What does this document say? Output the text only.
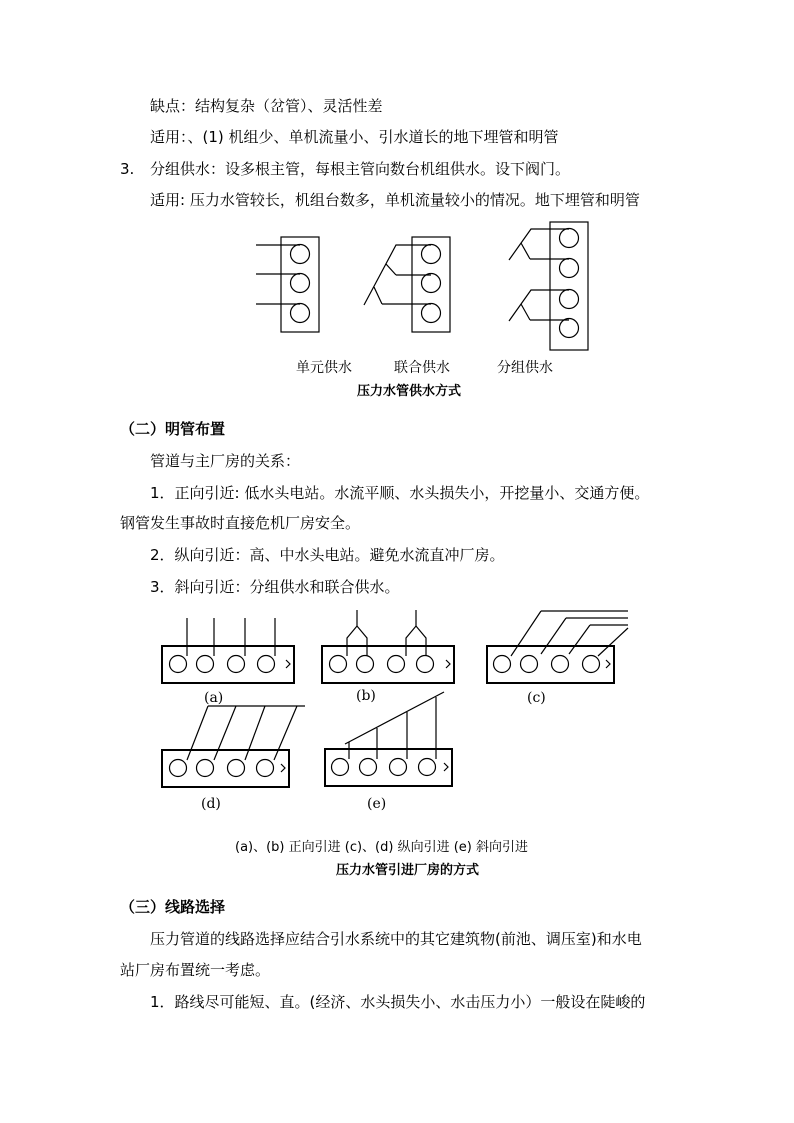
缺点：结构复杂（岔管）、灵活性差
适用：、(1) 机组少、单机流量小、引水道长的地下埋管和明管
3. 分组供水：设多根主管，每根主管向数台机组供水。设下阀门。
适用: 压力水管较长，机组台数多，单机流量较小的情况。地下埋管和明管
单元供水	联合供水	分组供水
压力水管供水方式
（二）明管布置
管道与主厂房的关系：
1．正向引近: 低水头电站。水流平顺、水头损失小，开挖量小、交通方便。
钢管发生事故时直接危机厂房安全。
2．纵向引近：高、中水头电站。避免水流直冲厂房。
3．斜向引近：分组供水和联合供水。
(a)	(b)	(c)
(d)	(e)
(a)、(b) 正向引进 (c)、(d) 纵向引进 (e) 斜向引进
压力水管引进厂房的方式
（三）线路选择
压力管道的线路选择应结合引水系统中的其它建筑物(前池、调压室)和水电
站厂房布置统一考虑。
1．路线尽可能短、直。(经济、水头损失小、水击压力小）一般设在陡峻的
